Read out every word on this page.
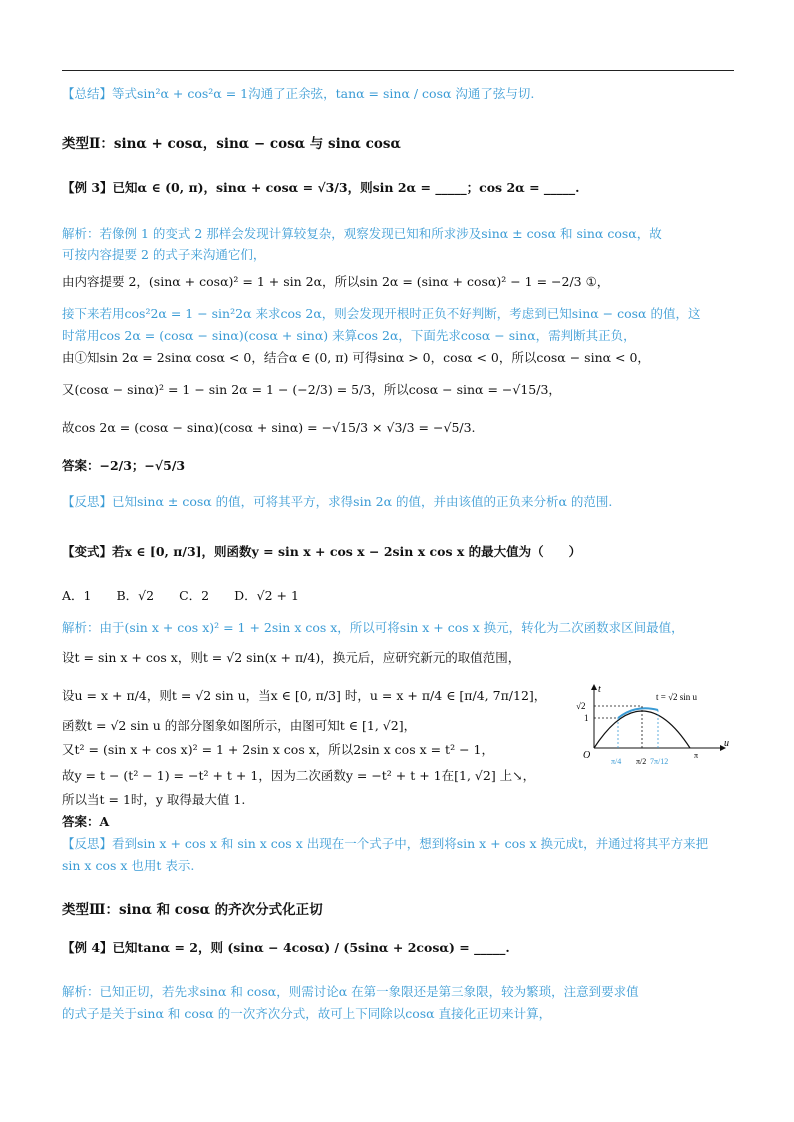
【总结】等式sin²α + cos²α = 1沟通了正余弦，tanα = sinα / cosα 沟通了弦与切.
类型Ⅱ：sinα + cosα，sinα − cosα 与 sinα cosα
【例 3】已知α ∈ (0, π)，sinα + cosα = √3/3，则sin 2α = _____；cos 2α = _____.
解析：若像例 1 的变式 2 那样会发现计算较复杂，观察发现已知和所求涉及sinα ± cosα 和 sinα cosα，故
可按内容提要 2 的式子来沟通它们，
由内容提要 2，(sinα + cosα)² = 1 + sin 2α，所以sin 2α = (sinα + cosα)² − 1 = −2/3 ①，
接下来若用cos²2α = 1 − sin²2α 来求cos 2α，则会发现开根时正负不好判断，考虑到已知sinα − cosα 的值，这
时常用cos 2α = (cosα − sinα)(cosα + sinα) 来算cos 2α，下面先求cosα − sinα，需判断其正负，
由①知sin 2α = 2sinα cosα < 0，结合α ∈ (0, π) 可得sinα > 0，cosα < 0，所以cosα − sinα < 0，
又(cosα − sinα)² = 1 − sin 2α = 1 − (−2/3) = 5/3，所以cosα − sinα = −√15/3，
故cos 2α = (cosα − sinα)(cosα + sinα) = −√15/3 × √3/3 = −√5/3.
答案：−2/3；−√5/3
【反思】已知sinα ± cosα 的值，可将其平方，求得sin 2α 的值，并由该值的正负来分析α 的范围.
【变式】若x ∈ [0, π/3]，则函数y = sin x + cos x − 2sin x cos x 的最大值为（　　）
A．1　　B．√2　　C．2　　D．√2 + 1
解析：由于(sin x + cos x)² = 1 + 2sin x cos x，所以可将sin x + cos x 换元，转化为二次函数求区间最值，
设t = sin x + cos x，则t = √2 sin(x + π/4)，换元后，应研究新元的取值范围，
设u = x + π/4，则t = √2 sin u，当x ∈ [0, π/3] 时，u = x + π/4 ∈ [π/4, 7π/12]，
函数t = √2 sin u 的部分图象如图所示，由图可知t ∈ [1, √2]，
又t² = (sin x + cos x)² = 1 + 2sin x cos x，所以2sin x cos x = t² − 1，
故y = t − (t² − 1) = −t² + t + 1，因为二次函数y = −t² + t + 1在[1, √2] 上↘，
所以当t = 1时，y 取得最大值 1.
答案：A
【反思】看到sin x + cos x 和 sin x cos x 出现在一个式子中，想到将sin x + cos x 换元成t，并通过将其平方来把
sin x cos x 也用t 表示.
类型Ⅲ：sinα 和 cosα 的齐次分式化正切
【例 4】已知tanα = 2，则 (sinα − 4cosα) / (5sinα + 2cosα) = _____.
解析：已知正切，若先求sinα 和 cosα，则需讨论α 在第一象限还是第三象限，较为繁琐，注意到要求值
的式子是关于sinα 和 cosα 的一次齐次分式，故可上下同除以cosα 直接化正切来计算，
t
u
O
√2
1
t = √2 sin u
π/4 π/2 7π/12
π
